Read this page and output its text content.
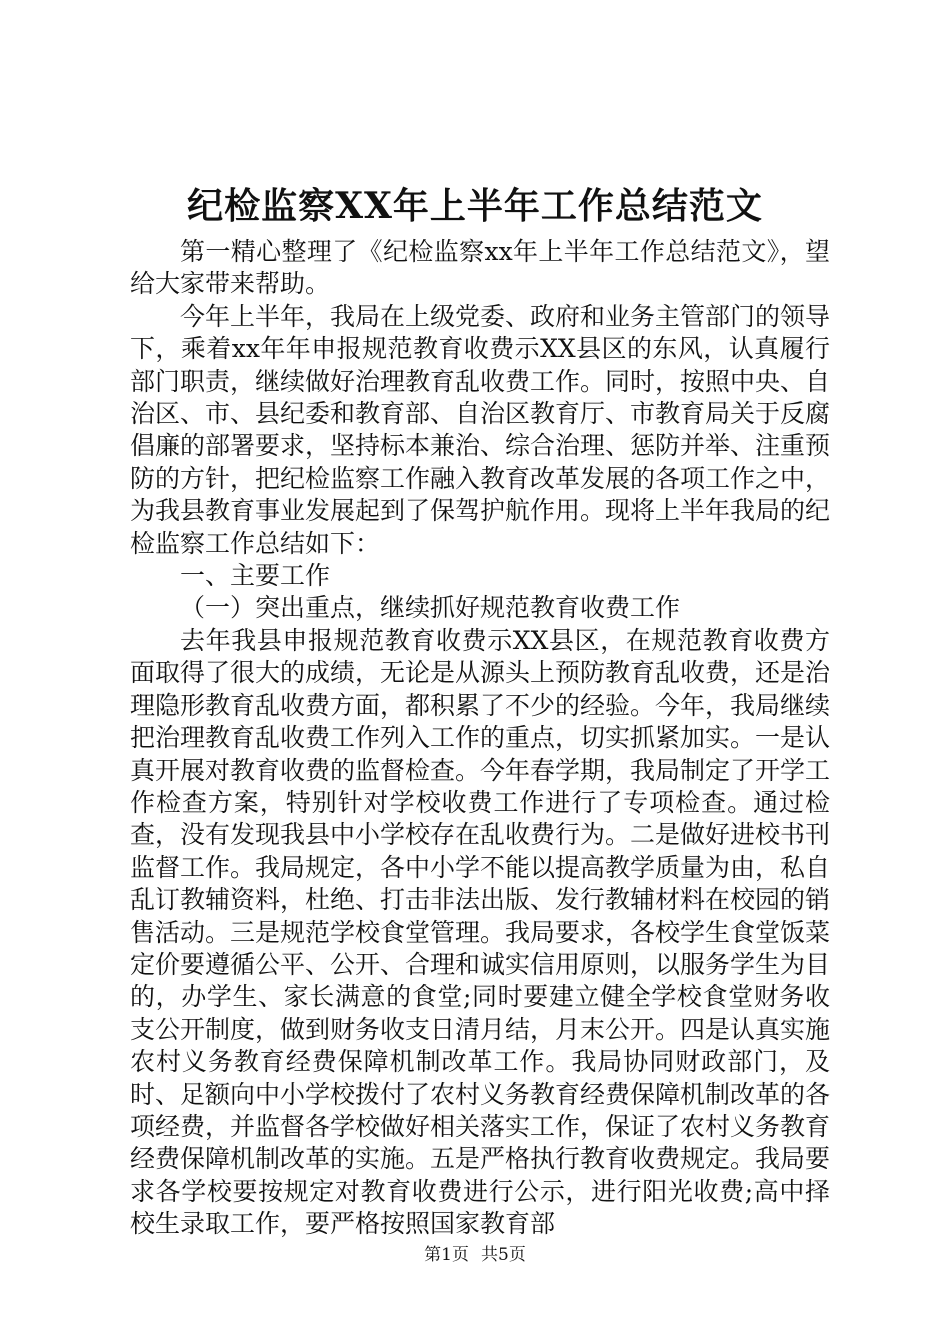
纪检监察XX年上半年工作总结范文

第一精心整理了《纪检监察xx年上半年工作总结范文》，望给大家带来帮助。

今年上半年，我局在上级党委、政府和业务主管部门的领导下，乘着xx年年申报规范教育收费示XX县区的东风，认真履行部门职责，继续做好治理教育乱收费工作。同时，按照中央、自治区、市、县纪委和教育部、自治区教育厅、市教育局关于反腐倡廉的部署要求，坚持标本兼治、综合治理、惩防并举、注重预防的方针，把纪检监察工作融入教育改革发展的各项工作之中，为我县教育事业发展起到了保驾护航作用。现将上半年我局的纪检监察工作总结如下：

一、主要工作

（一）突出重点，继续抓好规范教育收费工作

去年我县申报规范教育收费示XX县区，在规范教育收费方面取得了很大的成绩，无论是从源头上预防教育乱收费，还是治理隐形教育乱收费方面，都积累了不少的经验。今年，我局继续把治理教育乱收费工作列入工作的重点，切实抓紧加实。一是认真开展对教育收费的监督检查。今年春学期，我局制定了开学工作检查方案，特别针对学校收费工作进行了专项检查。通过检查，没有发现我县中小学校存在乱收费行为。二是做好进校书刊监督工作。我局规定，各中小学不能以提高教学质量为由，私自乱订教辅资料，杜绝、打击非法出版、发行教辅材料在校园的销售活动。三是规范学校食堂管理。我局要求，各校学生食堂饭菜定价要遵循公平、公开、合理和诚实信用原则，以服务学生为目的，办学生、家长满意的食堂;同时要建立健全学校食堂财务收支公开制度，做到财务收支日清月结，月末公开。四是认真实施农村义务教育经费保障机制改革工作。我局协同财政部门，及时、足额向中小学校拨付了农村义务教育经费保障机制改革的各项经费，并监督各学校做好相关落实工作，保证了农村义务教育经费保障机制改革的实施。五是严格执行教育收费规定。我局要求各学校要按规定对教育收费进行公示，进行阳光收费;高中择校生录取工作，要严格按照国家教育部

第1页 共5页
